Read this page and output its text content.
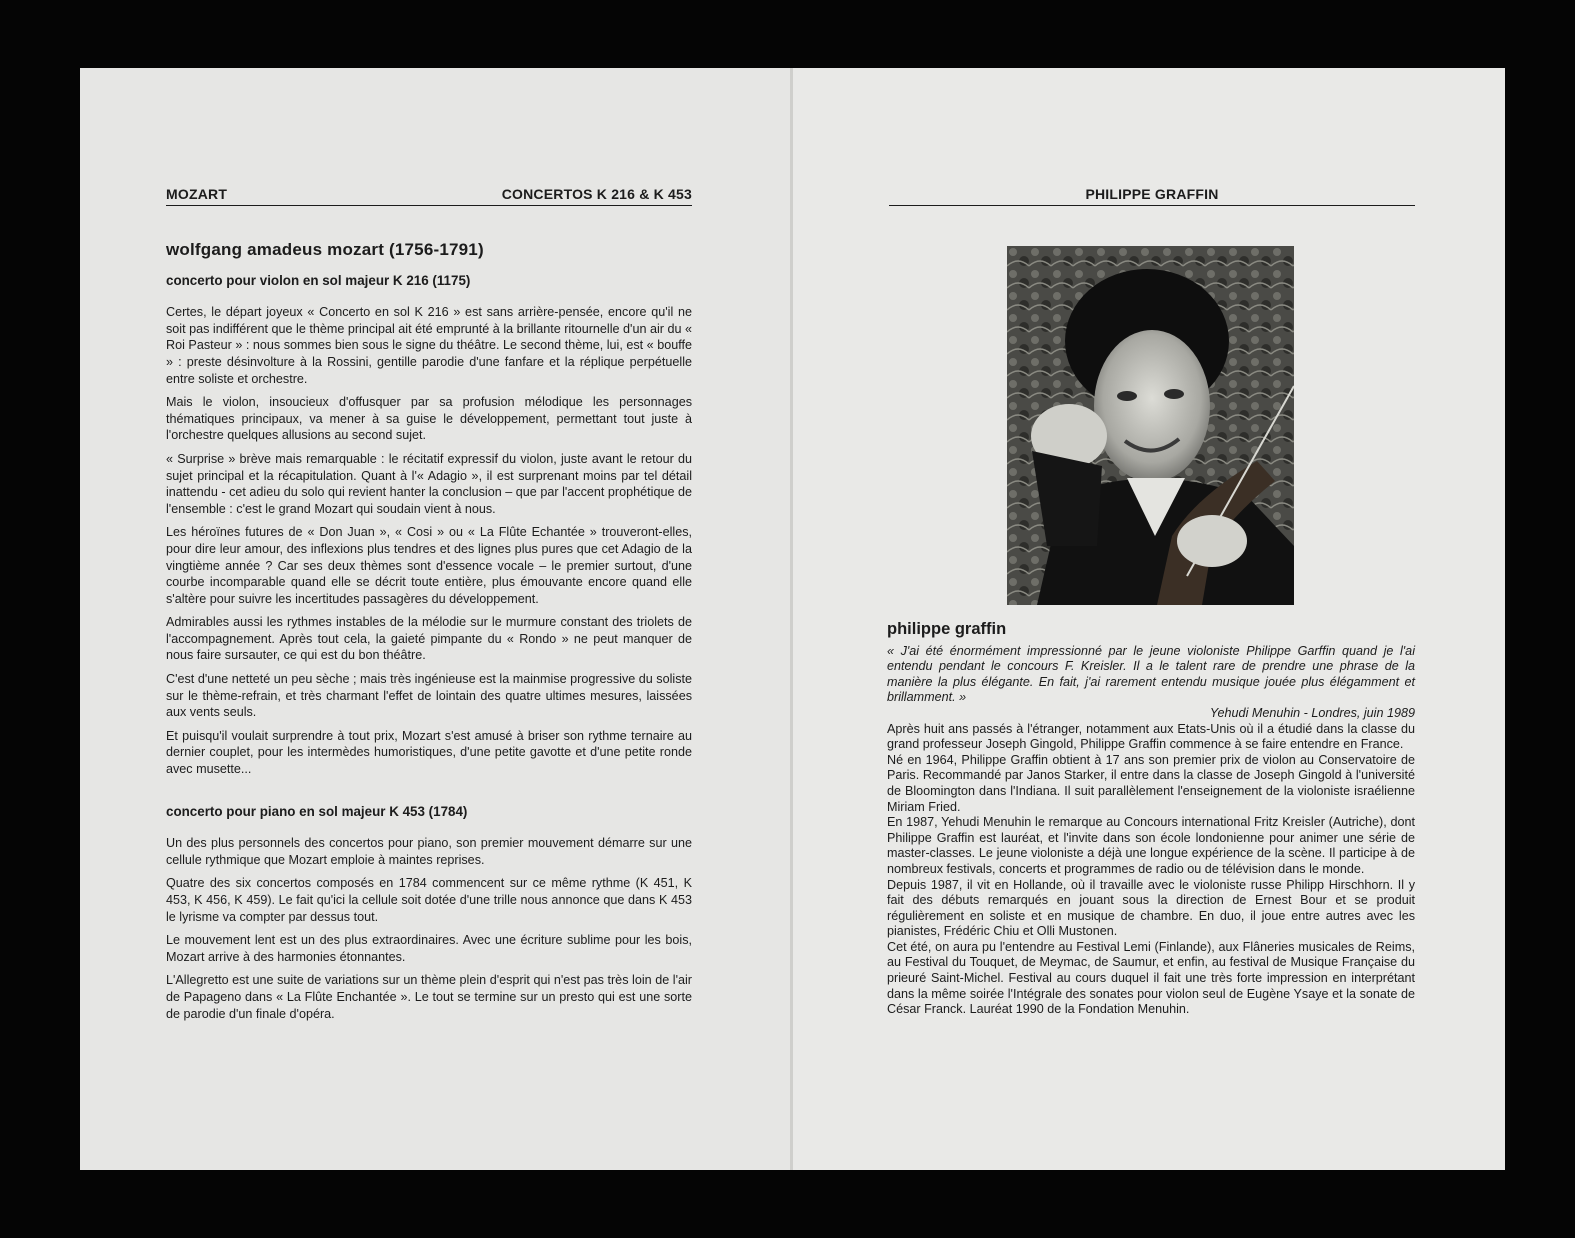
MOZART	CONCERTOS K 216 & K 453
wolfgang amadeus mozart (1756-1791)
concerto pour violon en sol majeur K 216 (1175)

Certes, le départ joyeux « Concerto en sol K 216 » est sans arrière-pensée, encore qu'il ne soit pas indifférent que le thème principal ait été emprunté à la brillante ritournelle d'un air du « Roi Pasteur » : nous sommes bien sous le signe du théâtre. Le second thème, lui, est « bouffe » : preste désinvolture à la Rossini, gentille parodie d'une fanfare et la réplique perpétuelle entre soliste et orchestre.

Mais le violon, insoucieux d'offusquer par sa profusion mélodique les personnages thématiques principaux, va mener à sa guise le développement, permettant tout juste à l'orchestre quelques allusions au second sujet.

« Surprise » brève mais remarquable : le récitatif expressif du violon, juste avant le retour du sujet principal et la récapitulation. Quant à l'« Adagio », il est surprenant moins par tel détail inattendu - cet adieu du solo qui revient hanter la conclusion – que par l'accent prophétique de l'ensemble : c'est le grand Mozart qui soudain vient à nous.

Les héroïnes futures de « Don Juan », « Cosi » ou « La Flûte Echantée » trouveront-elles, pour dire leur amour, des inflexions plus tendres et des lignes plus pures que cet Adagio de la vingtième année ? Car ses deux thèmes sont d'essence vocale – le premier surtout, d'une courbe incomparable quand elle se décrit toute entière, plus émouvante encore quand elle s'altère pour suivre les incertitudes passagères du développement.

Admirables aussi les rythmes instables de la mélodie sur le murmure constant des triolets de l'accompagnement. Après tout cela, la gaieté pimpante du « Rondo » ne peut manquer de nous faire sursauter, ce qui est du bon théâtre.

C'est d'une netteté un peu sèche ; mais très ingénieuse est la mainmise progressive du soliste sur le thème-refrain, et très charmant l'effet de lointain des quatre ultimes mesures, laissées aux vents seuls.

Et puisqu'il voulait surprendre à tout prix, Mozart s'est amusé à briser son rythme ternaire au dernier couplet, pour les intermèdes humoristiques, d'une petite gavotte et d'une petite ronde avec musette...

concerto pour piano en sol majeur K 453 (1784)

Un des plus personnels des concertos pour piano, son premier mouvement démarre sur une cellule rythmique que Mozart emploie à maintes reprises.

Quatre des six concertos composés en 1784 commencent sur ce même rythme (K 451, K 453, K 456, K 459). Le fait qu'ici la cellule soit dotée d'une trille nous annonce que dans K 453 le lyrisme va compter par dessus tout.

Le mouvement lent est un des plus extraordinaires. Avec une écriture sublime pour les bois, Mozart arrive à des harmonies étonnantes.

L'Allegretto est une suite de variations sur un thème plein d'esprit qui n'est pas très loin de l'air de Papageno dans « La Flûte Enchantée ». Le tout se termine sur un presto qui est une sorte de parodie d'un finale d'opéra.

PHILIPPE GRAFFIN
philippe graffin

« J'ai été énormément impressionné par le jeune violoniste Philippe Garffin quand je l'ai entendu pendant le concours F. Kreisler. Il a le talent rare de prendre une phrase de la manière la plus élégante. En fait, j'ai rarement entendu musique jouée plus élégamment et brillamment. »

Yehudi Menuhin - Londres, juin 1989

Après huit ans passés à l'étranger, notamment aux Etats-Unis où il a étudié dans la classe du grand professeur Joseph Gingold, Philippe Graffin commence à se faire entendre en France.

Né en 1964, Philippe Graffin obtient à 17 ans son premier prix de violon au Conservatoire de Paris. Recommandé par Janos Starker, il entre dans la classe de Joseph Gingold à l'université de Bloomington dans l'Indiana. Il suit parallèlement l'enseignement de la violoniste israélienne Miriam Fried.

En 1987, Yehudi Menuhin le remarque au Concours international Fritz Kreisler (Autriche), dont Philippe Graffin est lauréat, et l'invite dans son école londonienne pour animer une série de master-classes. Le jeune violoniste a déjà une longue expérience de la scène. Il participe à de nombreux festivals, concerts et programmes de radio ou de télévision dans le monde.

Depuis 1987, il vit en Hollande, où il travaille avec le violoniste russe Philipp Hirschhorn. Il y fait des débuts remarqués en jouant sous la direction de Ernest Bour et se produit régulièrement en soliste et en musique de chambre. En duo, il joue entre autres avec les pianistes, Frédéric Chiu et Olli Mustonen.

Cet été, on aura pu l'entendre au Festival Lemi (Finlande), aux Flâneries musicales de Reims, au Festival du Touquet, de Meymac, de Saumur, et enfin, au festival de Musique Française du prieuré Saint-Michel. Festival au cours duquel il fait une très forte impression en interprétant dans la même soirée l'Intégrale des sonates pour violon seul de Eugène Ysaye et la sonate de César Franck. Lauréat 1990 de la Fondation Menuhin.
